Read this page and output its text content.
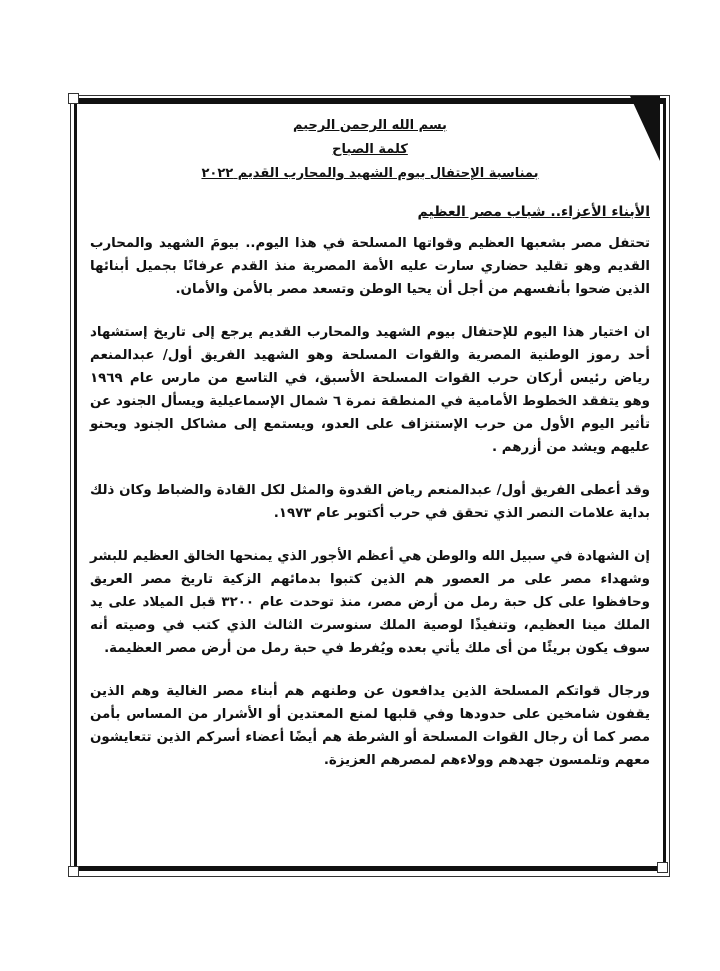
بسم الله الرحمن الرحيم

كلمة الصباح

بمناسبة الإحتفال بيوم الشهيد والمحارب القديم ٢٠٢٢

الأبناء الأعزاء.. شباب مصر العظيم

تحتفل مصر بشعبها العظيم وقواتها المسلحة في هذا اليوم.. بيومَ الشهيد والمحارب القديم وهو تقليد حضاري سارت عليه الأمة المصرية منذ القدم عرفانًا بجميل أبنائها الذين ضحوا بأنفسهم من أجل أن يحيا الوطن وتسعد مصر بالأمن والأمان.

ان اختيار هذا اليوم للإحتفال بيوم الشهيد والمحارب القديم يرجع إلى تاريخ إستشهاد أحد رموز الوطنية المصرية والقوات المسلحة وهو الشهيد الفريق أول/ عبدالمنعم رياض رئيس أركان حرب القوات المسلحة الأسبق، في التاسع من مارس عام ١٩٦٩ وهو يتفقد الخطوط الأمامية في المنطقة نمرة ٦ شمال الإسماعيلية ويسأل الجنود عن تأثير اليوم الأول من حرب الإستنزاف على العدو، ويستمع إلى مشاكل الجنود ويحنو عليهم ويشد من أزرهم .

وقد أعطى الفريق أول/ عبدالمنعم رياض القدوة والمثل لكل القادة والضباط وكان ذلك بداية علامات النصر الذي تحقق في حرب أكتوبر عام ١٩٧٣.

إن الشهادة في سبيل الله والوطن هي أعظم الأجور الذي يمنحها الخالق العظيم للبشر وشهداء مصر على مر العصور هم الذين كتبوا بدمائهم الزكية تاريخ مصر العريق وحافظوا على كل حبة رمل من أرض مصر، منذ توحدت عام ٣٢٠٠ قبل الميلاد على يد الملك مينا العظيم، وتنفيذًا لوصية الملك سنوسرت الثالث الذي كتب في وصيته أنه سوف يكون بريئًا من أى ملك يأتي بعده ويُفرط في حبة رمل من أرض مصر العظيمة.

ورجال قواتكم المسلحة الذين يدافعون عن وطنهم هم أبناء مصر الغالية وهم الذين يقفون شامخين على حدودها وفي قلبها لمنع المعتدين أو الأشرار من المساس بأمن مصر كما أن رجال القوات المسلحة أو الشرطة هم أيضًا أعضاء أسركم الذين تتعايشون معهم وتلمسون جهدهم وولاءهم لمصرهم العزيزة.
